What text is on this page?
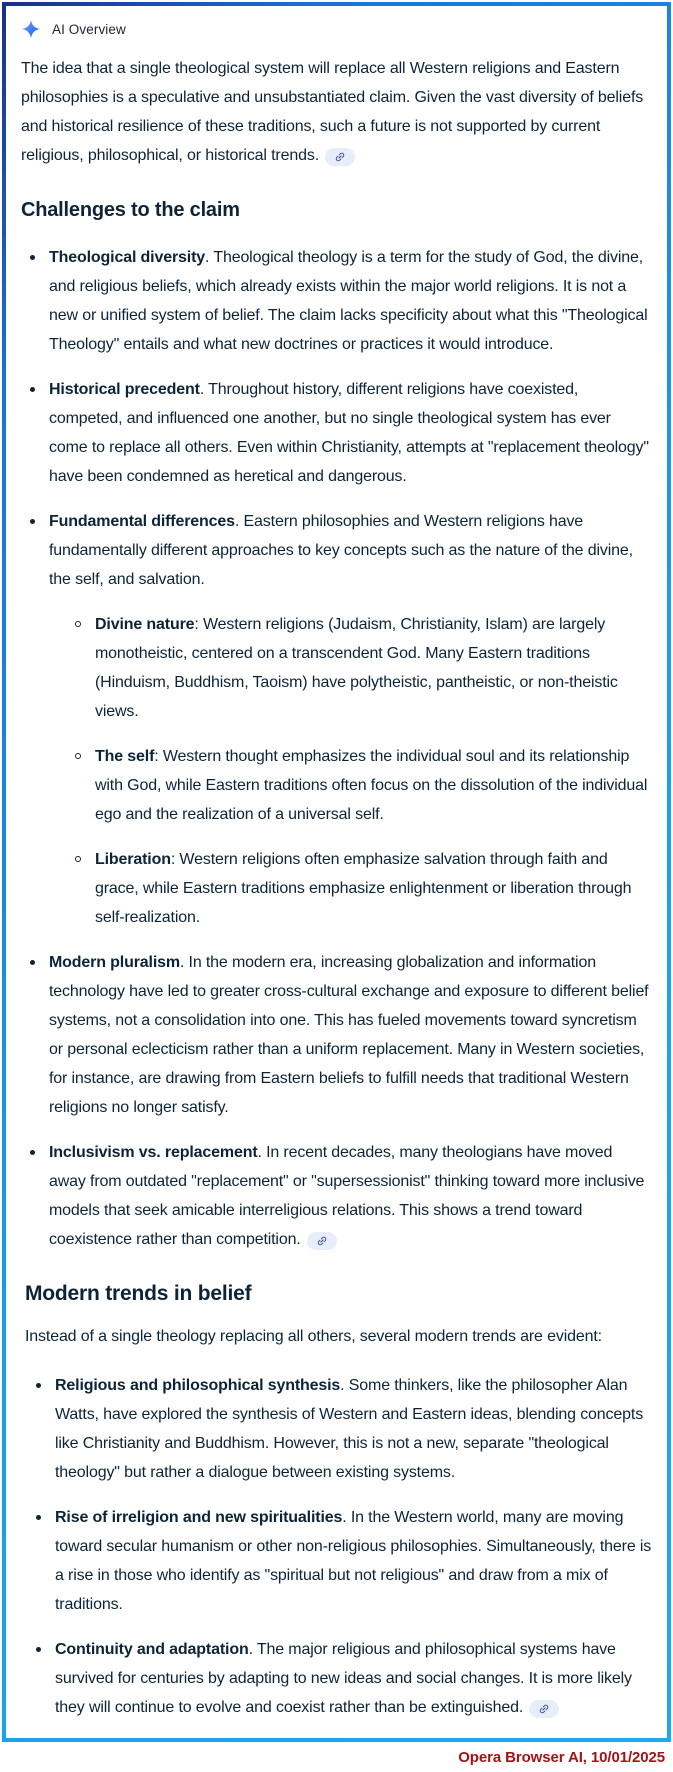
AI Overview

The idea that a single theological system will replace all Western religions and Eastern philosophies is a speculative and unsubstantiated claim. Given the vast diversity of beliefs and historical resilience of these traditions, such a future is not supported by current religious, philosophical, or historical trends.

Challenges to the claim
Theological diversity. Theological theology is a term for the study of God, the divine, and religious beliefs, which already exists within the major world religions. It is not a new or unified system of belief. The claim lacks specificity about what this "Theological Theology" entails and what new doctrines or practices it would introduce.
Historical precedent. Throughout history, different religions have coexisted, competed, and influenced one another, but no single theological system has ever come to replace all others. Even within Christianity, attempts at "replacement theology" have been condemned as heretical and dangerous.
Fundamental differences. Eastern philosophies and Western religions have fundamentally different approaches to key concepts such as the nature of the divine, the self, and salvation.
Divine nature: Western religions (Judaism, Christianity, Islam) are largely monotheistic, centered on a transcendent God. Many Eastern traditions (Hinduism, Buddhism, Taoism) have polytheistic, pantheistic, or non-theistic views.
The self: Western thought emphasizes the individual soul and its relationship with God, while Eastern traditions often focus on the dissolution of the individual ego and the realization of a universal self.
Liberation: Western religions often emphasize salvation through faith and grace, while Eastern traditions emphasize enlightenment or liberation through self-realization.
Modern pluralism. In the modern era, increasing globalization and information technology have led to greater cross-cultural exchange and exposure to different belief systems, not a consolidation into one. This has fueled movements toward syncretism or personal eclecticism rather than a uniform replacement. Many in Western societies, for instance, are drawing from Eastern beliefs to fulfill needs that traditional Western religions no longer satisfy.
Inclusivism vs. replacement. In recent decades, many theologians have moved away from outdated "replacement" or "supersessionist" thinking toward more inclusive models that seek amicable interreligious relations. This shows a trend toward coexistence rather than competition.
Modern trends in belief

Instead of a single theology replacing all others, several modern trends are evident:

Religious and philosophical synthesis. Some thinkers, like the philosopher Alan Watts, have explored the synthesis of Western and Eastern ideas, blending concepts like Christianity and Buddhism. However, this is not a new, separate "theological theology" but rather a dialogue between existing systems.
Rise of irreligion and new spiritualities. In the Western world, many are moving toward secular humanism or other non-religious philosophies. Simultaneously, there is a rise in those who identify as "spiritual but not religious" and draw from a mix of traditions.
Continuity and adaptation. The major religious and philosophical systems have survived for centuries by adapting to new ideas and social changes. It is more likely they will continue to evolve and coexist rather than be extinguished.
Opera Browser AI, 10/01/2025
